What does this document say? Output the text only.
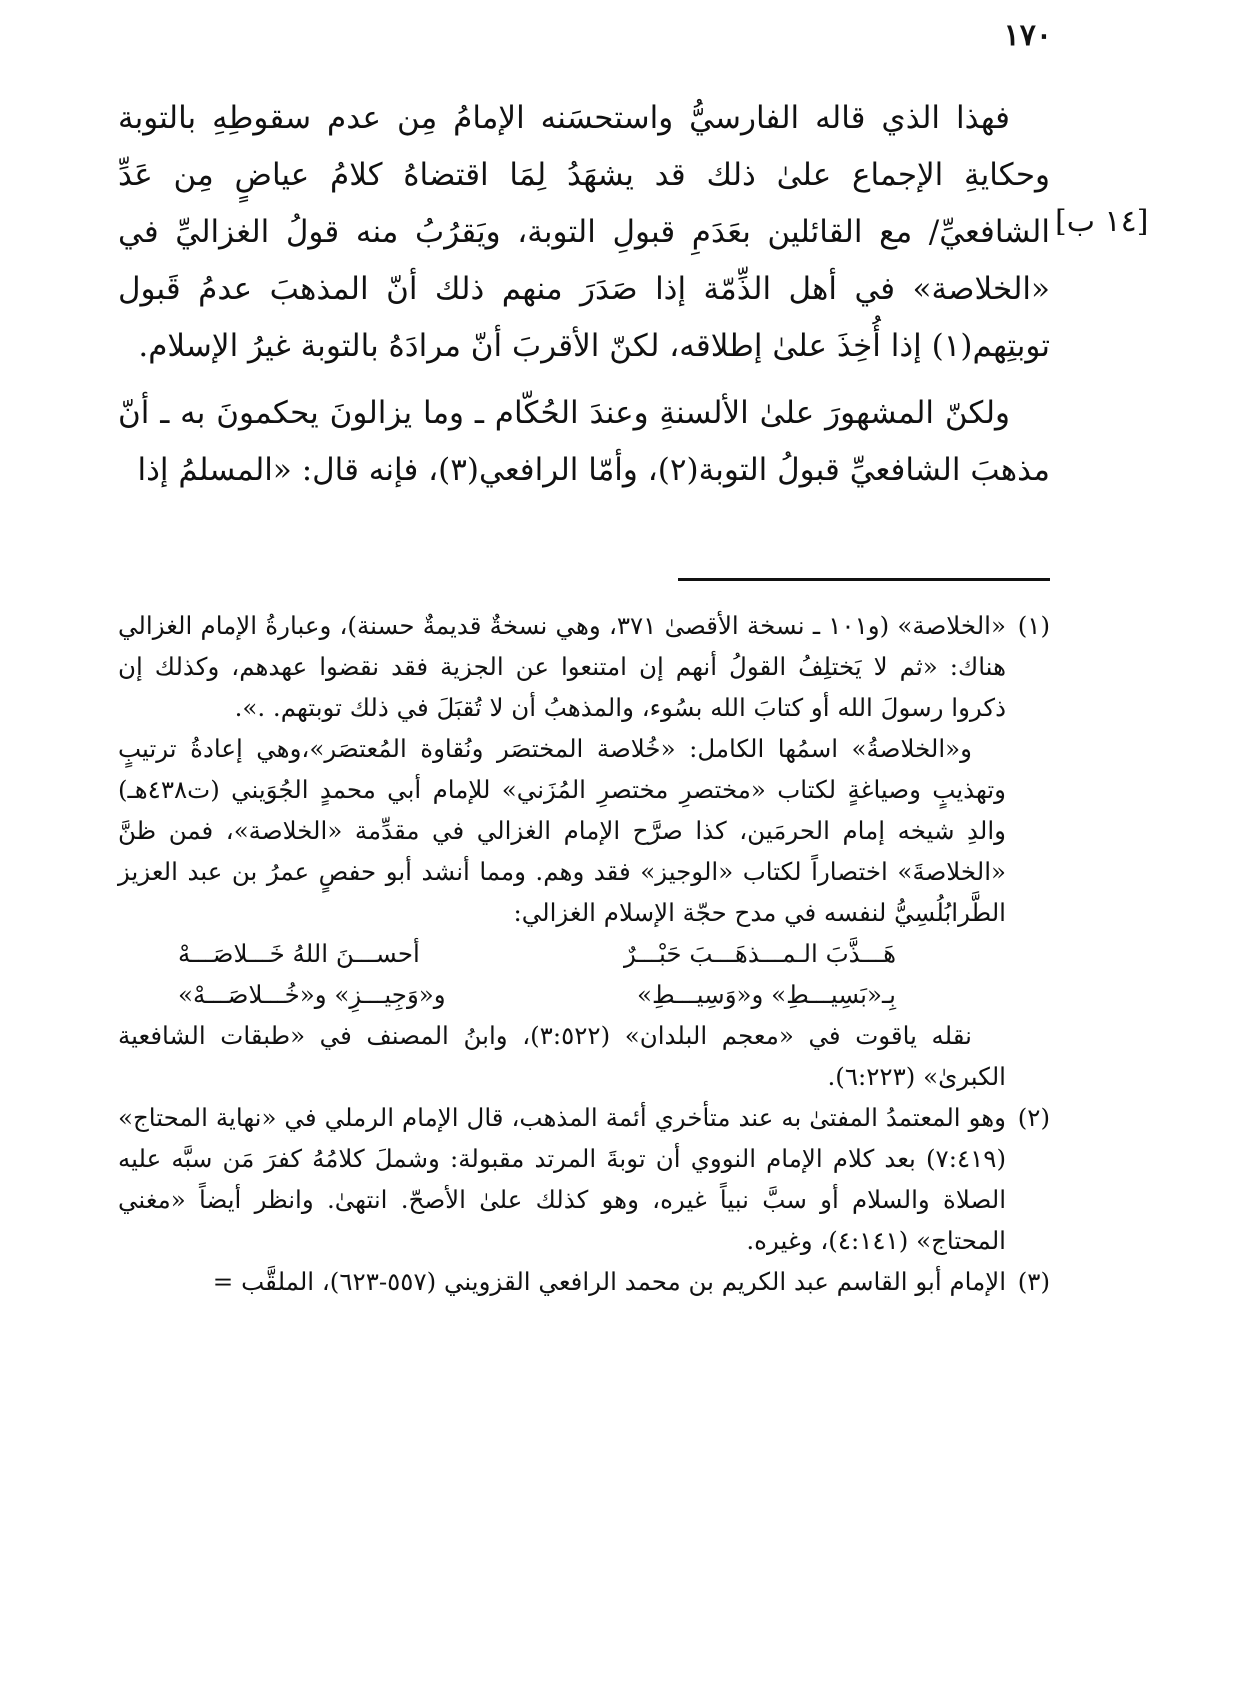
١٧٠
[١٤ ب]

فهذا الذي قاله الفارسيُّ واستحسَنه الإمامُ مِن عدم سقوطِهِ بالتوبة وحكايةِ الإجماع علىٰ ذلك قد يشهَدُ لِمَا اقتضاهُ كلامُ عياضٍ مِن عَدِّ الشافعيِّ/ مع القائلين بعَدَمِ قبولِ التوبة، ويَقرُبُ منه قولُ الغزاليِّ في «الخلاصة» في أهل الذِّمّة إذا صَدَرَ منهم ذلك أنّ المذهبَ عدمُ قَبول توبتِهم(١) إذا أُخِذَ علىٰ إطلاقه، لكنّ الأقربَ أنّ مرادَهُ بالتوبة غيرُ الإسلام.

ولكنّ المشهورَ علىٰ الألسنةِ وعندَ الحُكّام ـ وما يزالونَ يحكمونَ به ـ أنّ مذهبَ الشافعيِّ قبولُ التوبة(٢)، وأمّا الرافعي(٣)، فإنه قال: «المسلمُ إذا

(١)

«الخلاصة» (و١٠١ ـ نسخة الأقصىٰ ٣٧١، وهي نسخةٌ قديمةٌ حسنة)، وعبارةُ الإمام الغزالي هناك: «ثم لا يَختلِفُ القولُ أنهم إن امتنعوا عن الجزية فقد نقضوا عهدهم، وكذلك إن ذكروا رسولَ الله أو كتابَ الله بسُوء، والمذهبُ أن لا تُقبَلَ في ذلك توبتهم. .».

و«الخلاصةُ» اسمُها الكامل: «خُلاصة المختصَر ونُقاوة المُعتصَر»،وهي إعادةُ ترتيبٍ وتهذيبٍ وصياغةٍ لكتاب «مختصرِ مختصرِ المُزَني» للإمام أبي محمدٍ الجُوَيني (ت٤٣٨هـ) والدِ شيخه إمام الحرمَين، كذا صرَّح الإمام الغزالي في مقدِّمة «الخلاصة»، فمن ظنَّ «الخلاصةَ» اختصاراً لكتاب «الوجيز» فقد وهم. ومما أنشد أبو حفصٍ عمرُ بن عبد العزيز الطَّرابُلُسِيُّ لنفسه في مدح حجّة الإسلام الغزالي:

هَـــذَّبَ الـمـــذهَـــبَ حَبْـــرٌ
أحســـنَ اللهُ خَـــلاصَـــهْ

بِـ«بَسِيـــطِ» و«وَسِيـــطِ»
و«وَجِيـــزِ» و«خُـــلاصَـــهْ»

نقله ياقوت في «معجم البلدان» (٣:٥٢٢)، وابنُ المصنف في «طبقات الشافعية الكبرىٰ» (٦:٢٢٣).

(٢)

وهو المعتمدُ المفتىٰ به عند متأخري أئمة المذهب، قال الإمام الرملي في «نهاية المحتاج» (٧:٤١٩) بعد كلام الإمام النووي أن توبةَ المرتد مقبولة: وشملَ كلامُهُ كفرَ مَن سبَّه عليه الصلاة والسلام أو سبَّ نبياً غيره، وهو كذلك علىٰ الأصحّ. انتهىٰ. وانظر أيضاً «مغني المحتاج» (٤:١٤١)، وغيره.

(٣)

الإمام أبو القاسم عبد الكريم بن محمد الرافعي القزويني (٥٥٧-٦٢٣)، الملقَّب =
